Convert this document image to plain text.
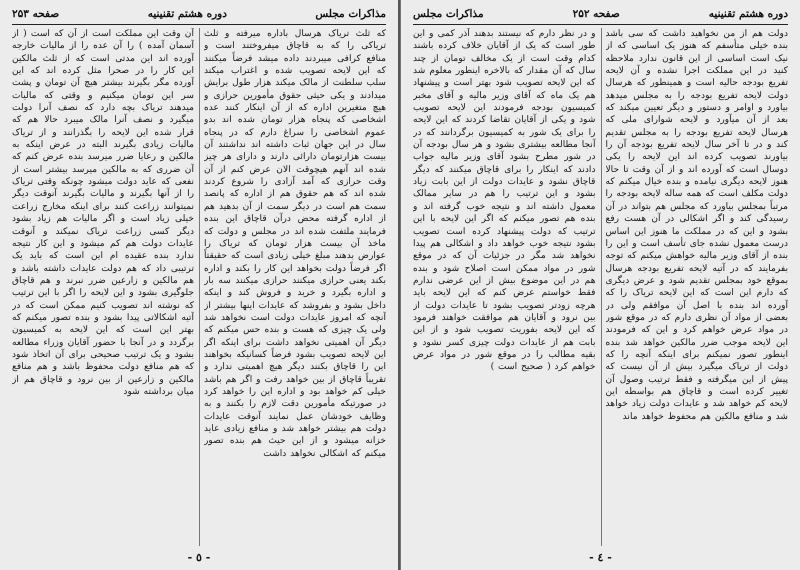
مذاکرات مجلس
دوره هشتم تقنینیه
صفحه ۲۵۳

که ثلث تریاک هرسال باداره میرفته و ثلث تریاکی را که به قاچاق میفروختند است و منافع کرافی میبردند داده میشد فرضاً میکنند که این لایحه تصویب شده و اغتراب میکند سلب سلطنت از مالک میکند هزار طول برایش میدادند و یکی حیثی حقوق مأمورین حرازی و هیچ متغیرین اداره که از آن اینکار کنند عده اشخاصی که پنجاه هزار تومان شده اند بدو عموم اشخاصی را سراغ دارم که در پنجاه سال در این جهان ثبات داشته اند نداشتند آن بیست هزارتومان دارائی دارند و دارای هر چیز شده اند آنهم هیچوقت الان عرض کنم از آن وقت حرازی که آمد آزادی را شروع کردند شده اند که هم حقوق هم از اداره که پانصد سمت هم است در دیگر سمت از آن بدهید هم از اداره گرفته محض درآن قاچاق این بنده فرمایند ملتفت شده اند در مجلس و دولت که ماخذ آن بیست هزار تومان که تریاک را عوارض بدهند مبلغ خیلی زیادی است که حقیقتاً اگر فرضاً دولت بخواهد این کار را بکند و اداره بکند یعنی حرازی میکنند حرازی میکنند سه بار و اداره بگیرد و خرید و فروش کند و اینکه داخل بشود و بفروشد که عایدات اینها بیشتر از آنچه که امروز عایدات دولت است نخواهد شد ولی یک چیزی که هست و بنده حس میکنم که دیگر آن اهمیتی نخواهد داشت برای اینکه اگر این لایحه تصویب بشود فرضاً کسانیکه بخواهند این را قاچاق بکنند دیگر هیچ اهمیتی ندارد و تقریباً قاچاق از بین خواهد رفت و اگر هم باشد خیلی کم خواهد بود و اداره این را خواهد کرد در صورتیکه مأمورین دقت لازم را بکنند و به وظایف خودشان عمل نمایند آنوقت عایدات دولت هم بیشتر خواهد شد و منافع زیادی عاید خزانه میشود و از این حیث هم بنده تصور میکنم که اشکالی نخواهد داشت

آن وقت این مملکت است از آن که است ( از آسمان آمده ) را آن عده را از مالیات خارجه آورده اند این مدتی است که از ثلث مالکین این کار را در صحرا مثل کرده اند که این آورده مگر بگیرند بیشتر هیچ آن تومان و پشت سر این تومان میکنیم و وقتی که مالیات میدهند تریاک بچه دارد که نصف آنرا دولت میگیرد و نصف آنرا مالک میبرد حالا هم که قرار شده این لایحه را بگذرانند و از تریاک مالیات زیادی بگیرند البته در عرض اینکه به مالکین و رعایا ضرر میرسد بنده عرض کنم که آن ضرری که به مالکین میرسد بیشتر است از نفعی که عاید دولت میشود چونکه وقتی تریاک را از آنها بگیرند و مالیات بگیرند آنوقت دیگر نمیتوانند زراعت کنند برای اینکه مخارج زراعت خیلی زیاد است و اگر مالیات هم زیاد بشود دیگر کسی زراعت تریاک نمیکند و آنوقت عایدات دولت هم کم میشود و این کار نتیجه ندارد بنده عقیده ام این است که باید یک ترتیبی داد که هم دولت عایدات داشته باشد و هم مالکین و زارعین ضرر نبرند و هم قاچاق جلوگیری بشود و این لایحه را اگر با این ترتیب که نوشته اند تصویب کنیم ممکن است که در آتیه اشکالاتی پیدا بشود و بنده تصور میکنم که بهتر این است که این لایحه به کمیسیون برگردد و در آنجا با حضور آقایان وزراء مطالعه بشود و یک ترتیب صحیحی برای آن اتخاذ شود که هم منافع دولت محفوظ باشد و هم منافع مالکین و زارعین از بین نرود و قاچاق هم از میان برداشته شود

- ٥ -
دوره هشتم تقنینیه
صفحه ۲۵۲
مذاکرات مجلس

دولت هم از من نخواهید داشت که سی باشد بنده خیلی متأسفم که هنوز یک اساسی که از نیک است اساسی از این قانون ندارد ملاحظه کنید در این مملکت اجرا نشده و آن لایحه تفریع بودجه حالیه است و همینطور که هرسال دولت لایحه تفریع بودجه را به مجلس میدهد بیاورد و اوامر و دستور و دیگر تعیین میکند که بعد از آن میآورد و لایحه شوارای ملی که هرسال لایحه تفریع بودجه را به مجلس تقدیم کند و در تا آخر سال لایحه تفریع بودجه آن را بیاورند تصویب کرده اند این لایحه را یکی دوسال است که آورده اند و از آن وقت تا حالا هنوز لایحه دیگری نیامده و بنده خیال میکنم که دولت مکلف است که همه ساله لایحه بودجه را مرتباً بمجلس بیاورد که مجلس هم بتواند در آن رسیدگی کند و اگر اشکالی در آن هست رفع بشود و این که در مملکت ما هنوز این اساس درست معمول نشده جای تأسف است و این را بنده از آقای وزیر مالیه خواهش میکنم که توجه بفرمایند که در آتیه لایحه تفریع بودجه هرسال بموقع خود بمجلس تقدیم شود و عرض دیگری که دارم این است که این لایحه تریاک را که آورده اند بنده با اصل آن موافقم ولی در بعضی از مواد آن نظری دارم که در موقع شور در مواد عرض خواهم کرد و این که فرمودند این لایحه موجب ضرر مالکین خواهد شد بنده اینطور تصور نمیکنم برای اینکه آنچه را که دولت از تریاک میگیرد بیش از آن نیست که پیش از این میگرفته و فقط ترتیب وصول آن تغییر کرده است و قاچاق هم بواسطه این لایحه کم خواهد شد و عایدات دولت زیاد خواهد شد و منافع مالکین هم محفوظ خواهد ماند

و در نظر دارم که نیستند بدهند آذر کمی و این طور است که یک از آقایان خلاف کرده باشند کدام وقت است از یک مخالف تومان از چند سال که آن مقدار که بالاخره اینطور معلوم شد که این لایحه تصویب شود بهتر است و پیشنهاد هم یک ماه که آقای وزیر مالیه و آقای مخبر کمیسیون بودجه فرمودند این لایحه تصویب شود و یکی از آقایان تقاضا کردند که این لایحه را برای یک شور به کمیسیون برگردانند که در آنجا مطالعه بیشتری بشود و هر سال بودجه آن در شور مطرح بشود آقای وزیر مالیه جواب دادند که اینکار را برای قاچاق میکنند که دیگر قاچاق نشود و عایدات دولت از این بابت زیاد بشود و این ترتیب را هم در سایر ممالک معمول داشته اند و نتیجه خوب گرفته اند و بنده هم تصور میکنم که اگر این لایحه با این ترتیب که دولت پیشنهاد کرده است تصویب بشود نتیجه خوب خواهد داد و اشکالی هم پیدا نخواهد شد مگر در جزئیات آن که در موقع شور در مواد ممکن است اصلاح شود و بنده هم در این موضوع بیش از این عرضی ندارم فقط خواستم عرض کنم که این لایحه باید هرچه زودتر تصویب بشود تا عایدات دولت از بین نرود و آقایان هم موافقت خواهند فرمود که این لایحه بفوریت تصویب شود و از این بابت هم از عایدات دولت چیزی کسر نشود و بقیه مطالب را در موقع شور در مواد عرض خواهم کرد ( صحیح است )

- ٤ -
